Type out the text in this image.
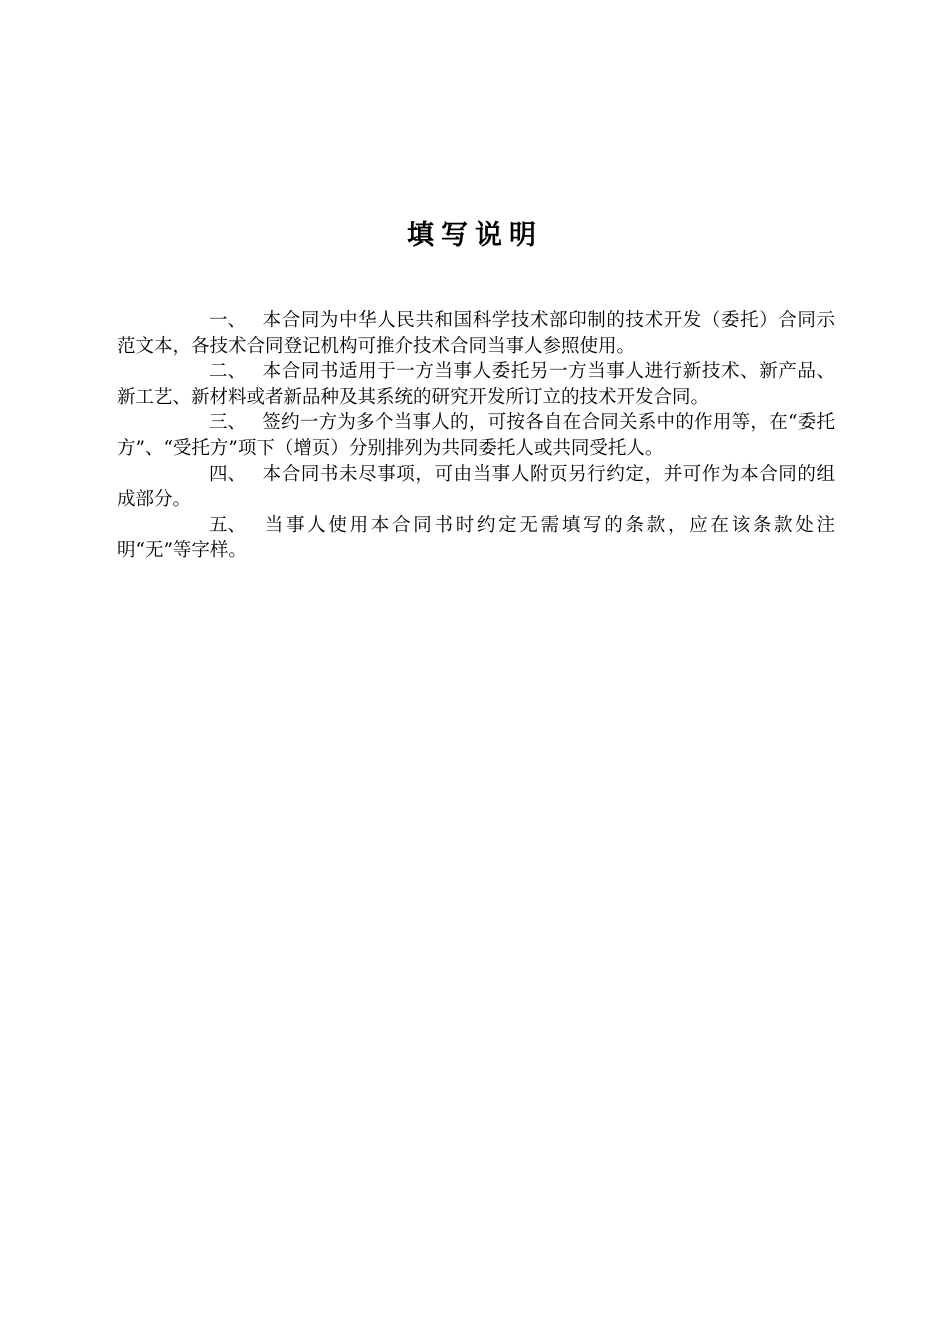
填写说明

一、 本合同为中华人民共和国科学技术部印制的技术开发（委托）合同示范文本，各技术合同登记机构可推介技术合同当事人参照使用。

二、 本合同书适用于一方当事人委托另一方当事人进行新技术、新产品、新工艺、新材料或者新品种及其系统的研究开发所订立的技术开发合同。

三、 签约一方为多个当事人的，可按各自在合同关系中的作用等，在“委托方”、“受托方”项下（增页）分别排列为共同委托人或共同受托人。

四、 本合同书未尽事项，可由当事人附页另行约定，并可作为本合同的组成部分。

五、 当事人使用本合同书时约定无需填写的条款，应在该条款处注明“无”等字样。
